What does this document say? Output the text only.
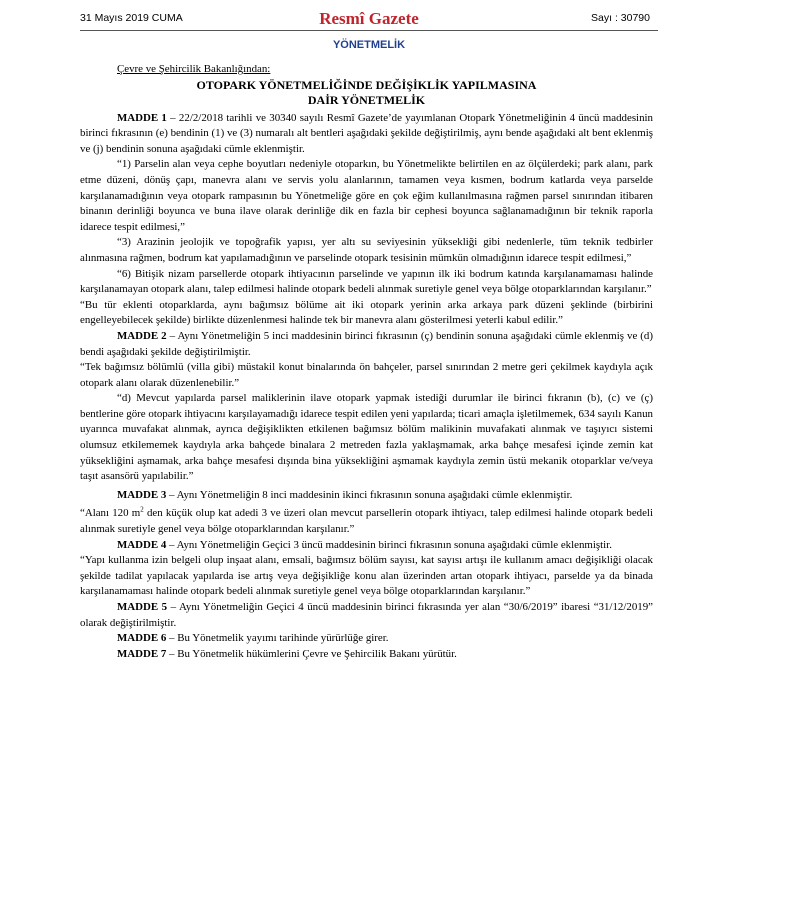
31 Mayıs 2019 CUMA	Resmî Gazete	Sayı : 30790
YÖNETMELİK

Çevre ve Şehircilik Bakanlığından:

OTOPARK YÖNETMELİĞİNDE DEĞİŞİKLİK YAPILMASINA

DAİR YÖNETMELİK

MADDE 1 – 22/2/2018 tarihli ve 30340 sayılı Resmî Gazete’de yayımlanan Otopark Yönetmeliğinin 4 üncü maddesinin birinci fıkrasının (e) bendinin (1) ve (3) numaralı alt bentleri aşağıdaki şekilde değiştirilmiş, aynı bende aşağıdaki alt bent eklenmiş ve (j) bendinin sonuna aşağıdaki cümle eklenmiştir.

“1) Parselin alan veya cephe boyutları nedeniyle otoparkın, bu Yönetmelikte belirtilen en az ölçülerdeki; park alanı, park etme düzeni, dönüş çapı, manevra alanı ve servis yolu alanlarının, tamamen veya kısmen, bodrum katlarda veya parselde karşılanamadığının veya otopark rampasının bu Yönetmeliğe göre en çok eğim kullanılmasına rağmen parsel sınırından itibaren binanın derinliği boyunca ve buna ilave olarak derinliğe dik en fazla bir cephesi boyunca sağlanamadığının bir teknik raporla idarece tespit edilmesi,”

“3) Arazinin jeolojik ve topoğrafik yapısı, yer altı su seviyesinin yüksekliği gibi nedenlerle, tüm teknik tedbirler alınmasına rağmen, bodrum kat yapılamadığının ve parselinde otopark tesisinin mümkün olmadığının idarece tespit edilmesi,”

“6) Bitişik nizam parsellerde otopark ihtiyacının parselinde ve yapının ilk iki bodrum katında karşılanamaması halinde karşılanamayan otopark alanı, talep edilmesi halinde otopark bedeli alınmak suretiyle genel veya bölge otoparklarından karşılanır.”

“Bu tür eklenti otoparklarda, aynı bağımsız bölüme ait iki otopark yerinin arka arkaya park düzeni şeklinde (birbirini engelleyebilecek şekilde) birlikte düzenlenmesi halinde tek bir manevra alanı gösterilmesi yeterli kabul edilir.”

MADDE 2 – Aynı Yönetmeliğin 5 inci maddesinin birinci fıkrasının (ç) bendinin sonuna aşağıdaki cümle eklenmiş ve (d) bendi aşağıdaki şekilde değiştirilmiştir.

“Tek bağımsız bölümlü (villa gibi) müstakil konut binalarında ön bahçeler, parsel sınırından 2 metre geri çekilmek kaydıyla açık otopark alanı olarak düzenlenebilir.”

“d) Mevcut yapılarda parsel maliklerinin ilave otopark yapmak istediği durumlar ile birinci fıkranın (b), (c) ve (ç) bentlerine göre otopark ihtiyacını karşılayamadığı idarece tespit edilen yeni yapılarda; ticari amaçla işletilmemek, 634 sayılı Kanun uyarınca muvafakat alınmak, ayrıca değişiklikten etkilenen bağımsız bölüm malikinin muvafakati alınmak ve taşıyıcı sistemi olumsuz etkilememek kaydıyla arka bahçede binalara 2 metreden fazla yaklaşmamak, arka bahçe mesafesi içinde zemin kat yüksekliğini aşmamak, arka bahçe mesafesi dışında bina yüksekliğini aşmamak kaydıyla zemin üstü mekanik otoparklar ve/veya taşıt asansörü yapılabilir.”

MADDE 3 – Aynı Yönetmeliğin 8 inci maddesinin ikinci fıkrasının sonuna aşağıdaki cümle eklenmiştir.

“Alanı 120 $m^2$ den küçük olup kat adedi 3 ve üzeri olan mevcut parsellerin otopark ihtiyacı, talep edilmesi halinde otopark bedeli alınmak suretiyle genel veya bölge otoparklarından karşılanır.”

MADDE 4 – Aynı Yönetmeliğin Geçici 3 üncü maddesinin birinci fıkrasının sonuna aşağıdaki cümle eklenmiştir.

“Yapı kullanma izin belgeli olup inşaat alanı, emsali, bağımsız bölüm sayısı, kat sayısı artışı ile kullanım amacı değişikliği olacak şekilde tadilat yapılacak yapılarda ise artış veya değişikliğe konu alan üzerinden artan otopark ihtiyacı, parselde ya da binada karşılanamaması halinde otopark bedeli alınmak suretiyle genel veya bölge otoparklarından karşılanır.”

MADDE 5 – Aynı Yönetmeliğin Geçici 4 üncü maddesinin birinci fıkrasında yer alan “30/6/2019” ibaresi “31/12/2019” olarak değiştirilmiştir.

MADDE 6 – Bu Yönetmelik yayımı tarihinde yürürlüğe girer.

MADDE 7 – Bu Yönetmelik hükümlerini Çevre ve Şehircilik Bakanı yürütür.
